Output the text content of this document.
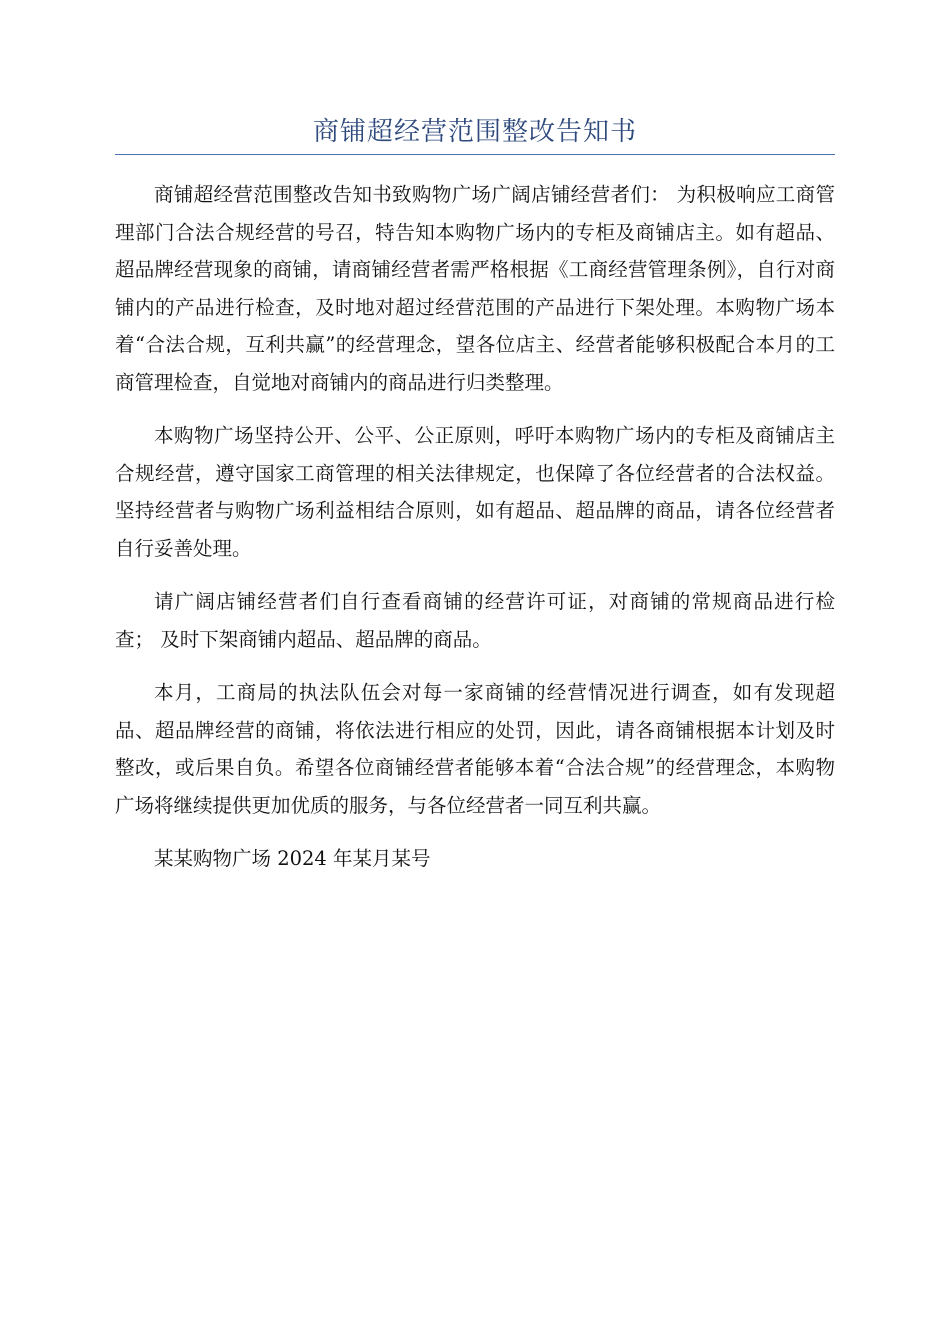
商铺超经营范围整改告知书

商铺超经营范围整改告知书致购物广场广阔店铺经营者们： 为积极响应工商管理部门合法合规经营的号召，特告知本购物广场内的专柜及商铺店主。如有超品、超品牌经营现象的商铺，请商铺经营者需严格根据《工商经营管理条例》，自行对商铺内的产品进行检查，及时地对超过经营范围的产品进行下架处理。本购物广场本着“合法合规，互利共赢”的经营理念，望各位店主、经营者能够积极配合本月的工商管理检查，自觉地对商铺内的商品进行归类整理。

本购物广场坚持公开、公平、公正原则，呼吁本购物广场内的专柜及商铺店主合规经营，遵守国家工商管理的相关法律规定，也保障了各位经营者的合法权益。坚持经营者与购物广场利益相结合原则，如有超品、超品牌的商品，请各位经营者自行妥善处理。

请广阔店铺经营者们自行查看商铺的经营许可证，对商铺的常规商品进行检查； 及时下架商铺内超品、超品牌的商品。

本月，工商局的执法队伍会对每一家商铺的经营情况进行调查，如有发现超品、超品牌经营的商铺，将依法进行相应的处罚，因此，请各商铺根据本计划及时整改，或后果自负。希望各位商铺经营者能够本着“合法合规”的经营理念，本购物广场将继续提供更加优质的服务，与各位经营者一同互利共赢。

某某购物广场 2024 年某月某号
